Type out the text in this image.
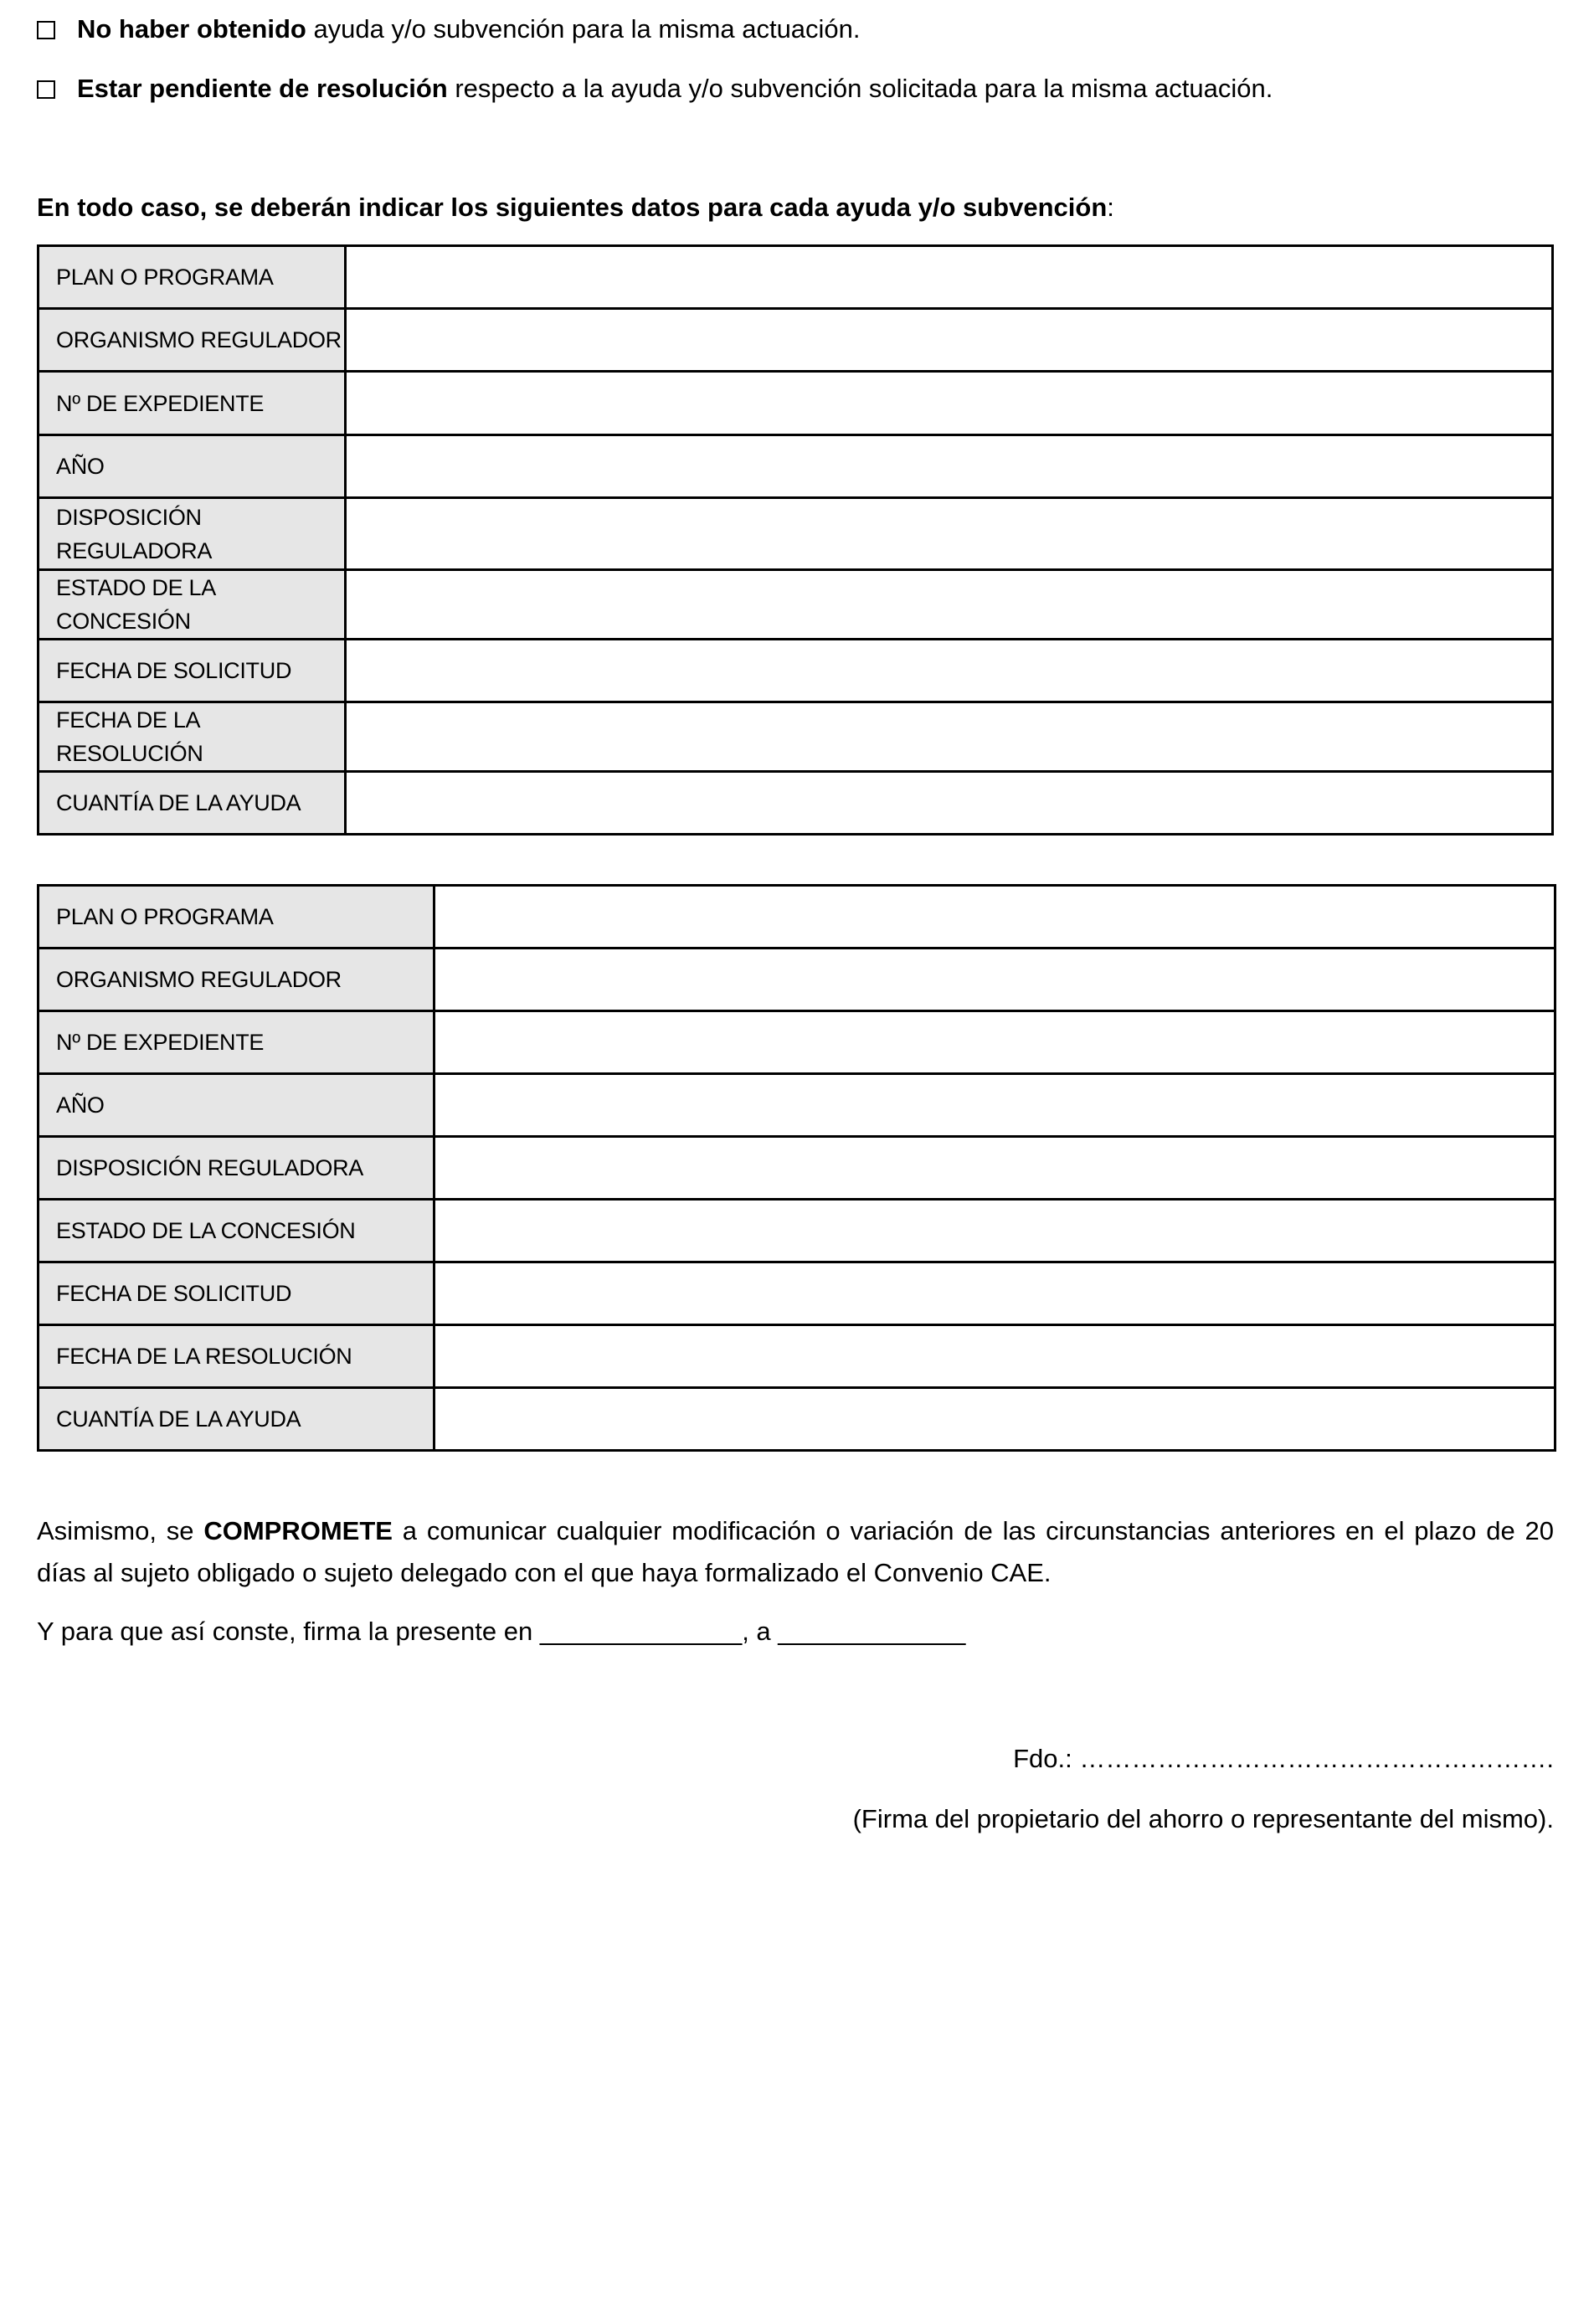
No haber obtenido ayuda y/o subvención para la misma actuación.
Estar pendiente de resolución respecto a la ayuda y/o subvención solicitada para la misma actuación.
En todo caso, se deberán indicar los siguientes datos para cada ayuda y/o subvención:
PLAN O PROGRAMA	
ORGANISMO REGULADOR	
Nº DE EXPEDIENTE	
AÑO	
DISPOSICIÓN REGULADORA	
ESTADO DE LA CONCESIÓN	
FECHA DE SOLICITUD	
FECHA DE LA RESOLUCIÓN	
CUANTÍA DE LA AYUDA	
PLAN O PROGRAMA	
ORGANISMO REGULADOR	
Nº DE EXPEDIENTE	
AÑO	
DISPOSICIÓN REGULADORA	
ESTADO DE LA CONCESIÓN	
FECHA DE SOLICITUD	
FECHA DE LA RESOLUCIÓN	
CUANTÍA DE LA AYUDA	
Asimismo, se COMPROMETE a comunicar cualquier modificación o variación de las circunstancias anteriores en el plazo de 20 días al sujeto obligado o sujeto delegado con el que haya formalizado el Convenio CAE.
Y para que así conste, firma la presente en ______________, a _____________
Fdo.: ……………………………………………….
(Firma del propietario del ahorro o representante del mismo).
